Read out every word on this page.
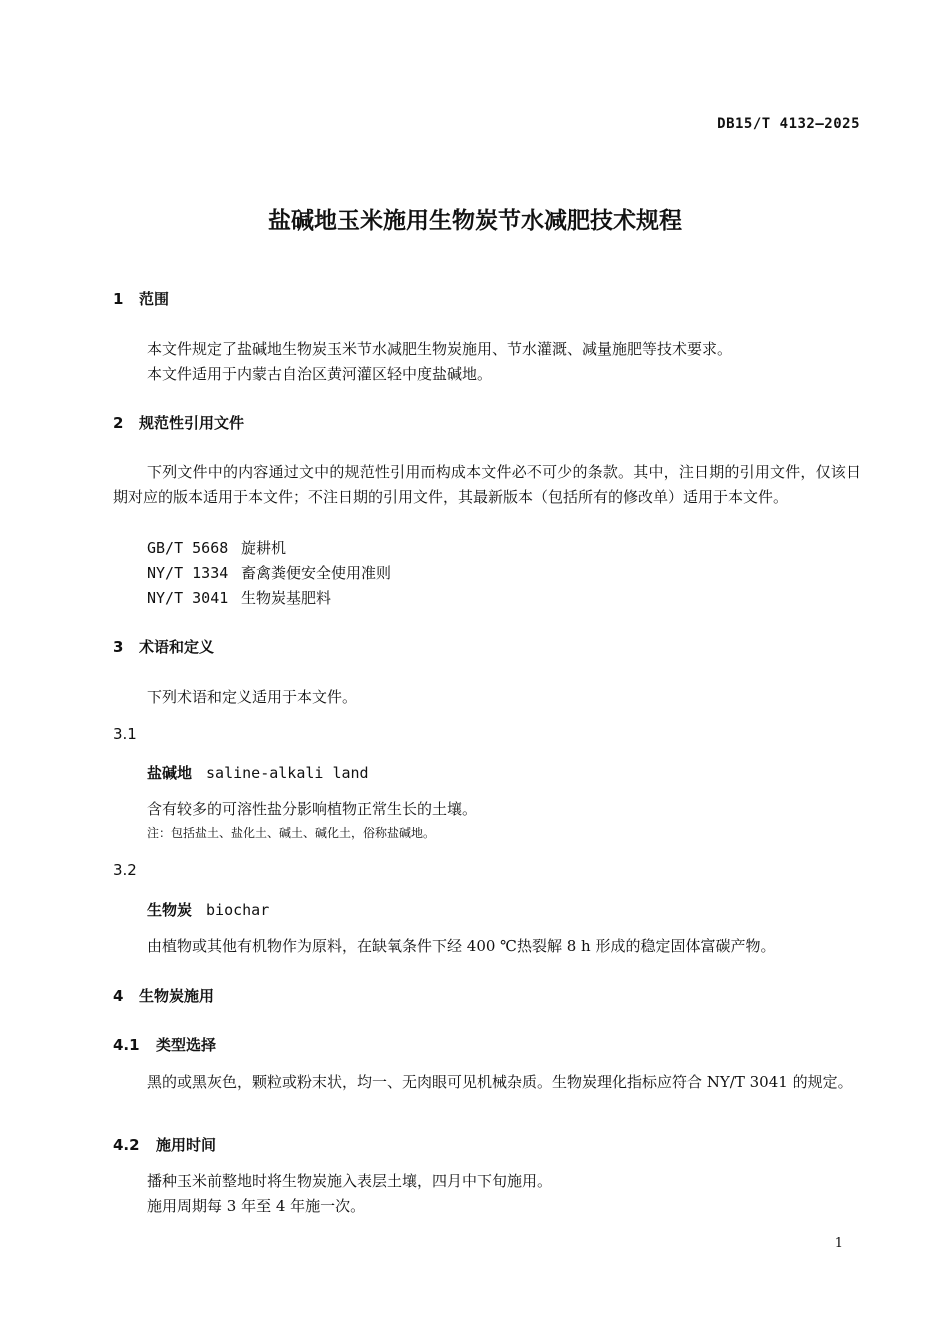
DB15/T 4132—2025
盐碱地玉米施用生物炭节水减肥技术规程
1 范围
本文件规定了盐碱地生物炭玉米节水减肥生物炭施用、节水灌溉、减量施肥等技术要求。
本文件适用于内蒙古自治区黄河灌区轻中度盐碱地。
2 规范性引用文件
下列文件中的内容通过文中的规范性引用而构成本文件必不可少的条款。其中，注日期的引用文件，仅该日期对应的版本适用于本文件；不注日期的引用文件，其最新版本（包括所有的修改单）适用于本文件。
GB/T 5668 旋耕机
NY/T 1334 畜禽粪便安全使用准则
NY/T 3041 生物炭基肥料
3 术语和定义
下列术语和定义适用于本文件。
3.1
盐碱地 saline-alkali land
含有较多的可溶性盐分影响植物正常生长的土壤。
注：包括盐土、盐化土、碱土、碱化土，俗称盐碱地。
3.2
生物炭 biochar
由植物或其他有机物作为原料，在缺氧条件下经 400 ℃热裂解 8 h 形成的稳定固体富碳产物。
4 生物炭施用
4.1 类型选择
黑的或黑灰色，颗粒或粉末状，均一、无肉眼可见机械杂质。生物炭理化指标应符合 NY/T 3041 的规定。
4.2 施用时间
播种玉米前整地时将生物炭施入表层土壤，四月中下旬施用。
施用周期每 3 年至 4 年施一次。
1
